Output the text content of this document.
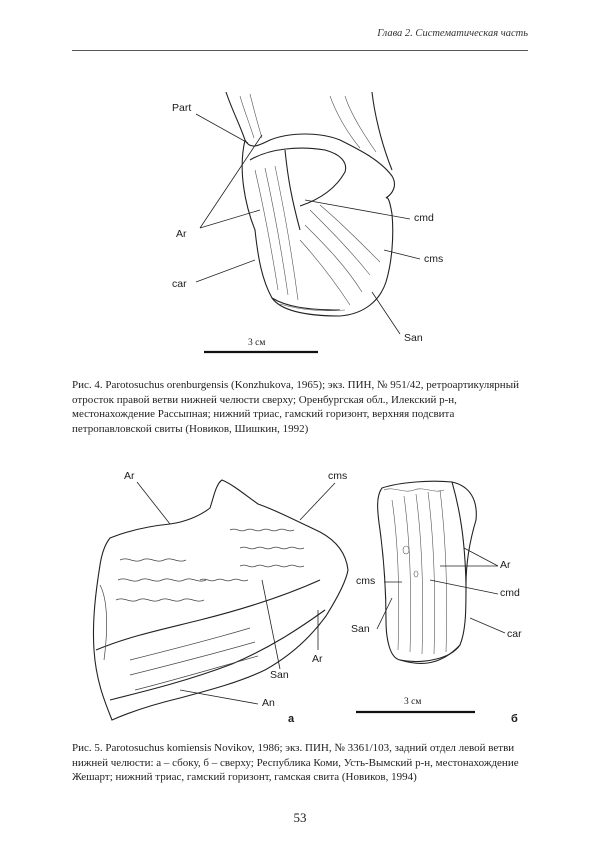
Глава 2. Систематическая часть
Part
Ar
car
cmd
cms
San
3 см
Рис. 4. Parotosuchus orenburgensis (Konzhukova, 1965); экз. ПИН, № 951/42, ретроартикулярный отросток правой ветви нижней челюсти сверху; Оренбургская обл., Илекский р-н, местонахождение Рассыпная; нижний триас, гамский горизонт, верхняя подсвита петропавловской свиты (Новиков, Шишкин, 1992)
Ar	cms
San
Ar
An
а
Ar
cmd
cms
San	car
3 см
б
Рис. 5. Parotosuchus komiensis Novikov, 1986; экз. ПИН, № 3361/103, задний отдел левой ветви нижней челюсти: а – сбоку, б – сверху; Республика Коми, Усть-Вымский р-н, местонахождение Жешарт; нижний триас, гамский горизонт, гамская свита (Новиков, 1994)
53
